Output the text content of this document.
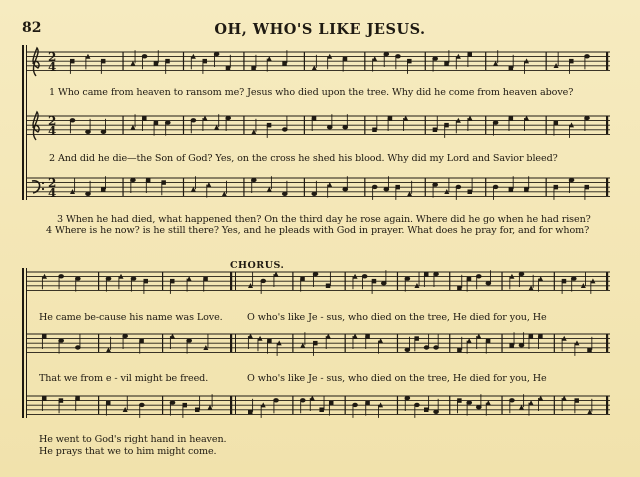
2
4
2
4
2
4
82	OH, WHO'S LIKE JESUS.
1 Who came from heaven to ransom me? Jesus who died upon the tree. Why did he come from heaven above?
2 And did he die—the Son of God? Yes, on the cross he shed his blood. Why did my Lord and Savior bleed?
3 When he had died, what happened then? On the third day he rose again. Where did he go when he had risen?
4 Where is he now? is he still there? Yes, and he pleads with God in prayer. What does he pray for, and for whom?
CHORUS.
He came be-cause his name was Love.	O who's like Je - sus, who died on the tree, He died for you, He
That we from e - vil might be freed.	O who's like Je - sus, who died on the tree, He died for you, He
He went to God's right hand in heaven.
He prays that we to him might come.
